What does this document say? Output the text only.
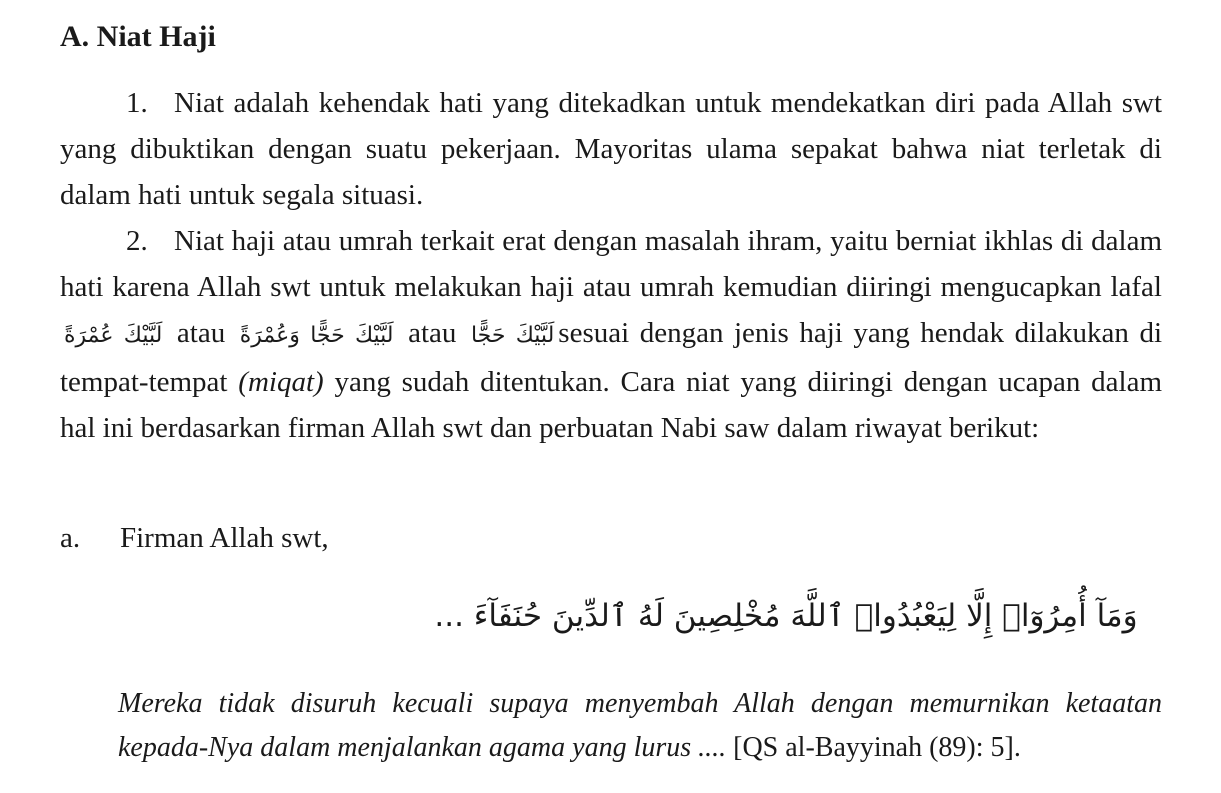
A. Niat Haji

1. Niat adalah kehendak hati yang ditekadkan untuk mendekatkan diri pada Allah swt yang dibuktikan dengan suatu pekerjaan. Mayoritas ulama sepakat bahwa niat terletak di dalam hati untuk segala situasi.

2. Niat haji atau umrah terkait erat dengan masalah ihram, yaitu berniat ikhlas di dalam hati karena Allah swt untuk melakukan haji atau umrah kemudian diiringi mengucapkan lafal لَبَّيْكَ عُمْرَةً atau لَبَّيْكَ حَجًّا وَعُمْرَةً atau لَبَّيْكَ حَجًّا sesuai dengan jenis haji yang hendak dilakukan di tempat-tempat (miqat) yang sudah ditentukan. Cara niat yang diiringi dengan ucapan dalam hal ini berdasarkan firman Allah swt dan perbuatan Nabi saw dalam riwayat berikut:

a. Firman Allah swt,

وَمَآ أُمِرُوٓا۟ إِلَّا لِيَعْبُدُوا۟ ٱللَّهَ مُخْلِصِينَ لَهُ ٱلدِّينَ حُنَفَآءَ ...

Mereka tidak disuruh kecuali supaya menyembah Allah dengan memurnikan ketaatan kepada-Nya dalam menjalankan agama yang lurus .... [QS al-Bayyinah (89): 5].
